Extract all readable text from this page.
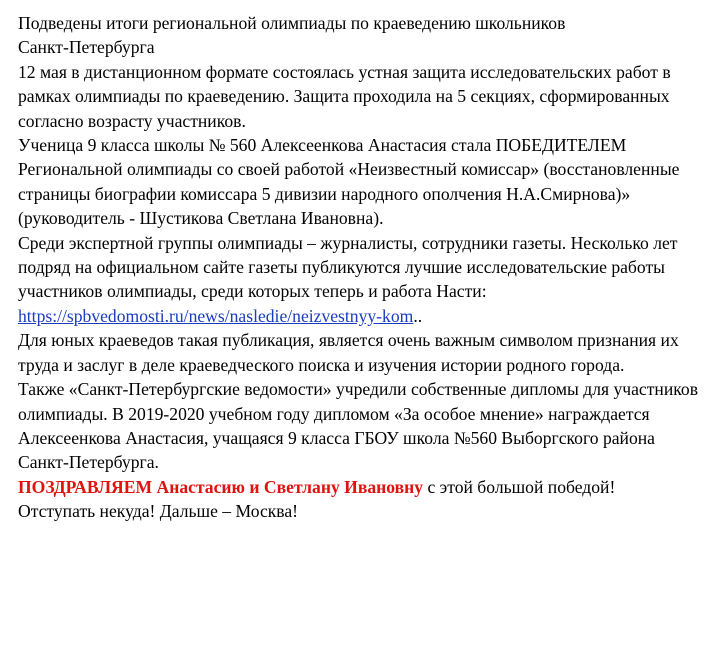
Подведены итоги региональной олимпиады по краеведению школьников
Санкт-Петербурга

12 мая в дистанционном формате состоялась устная защита исследовательских работ в рамках олимпиады по краеведению. Защита проходила на 5 секциях, сформированных согласно возрасту участников.

Ученица 9 класса школы № 560 Алексеенкова Анастасия стала ПОБЕДИТЕЛЕМ Региональной олимпиады со своей работой «Неизвестный комиссар» (восстановленные страницы биографии комиссара 5 дивизии народного ополчения Н.А.Смирнова)» (руководитель - Шустикова Светлана Ивановна).

Среди экспертной группы олимпиады – журналисты, сотрудники газеты. Несколько лет подряд на официальном сайте газеты публикуются лучшие исследовательские работы участников олимпиады, среди которых теперь и работа Насти:

https://spbvedomosti.ru/news/nasledie/neizvestnyy-kom..

Для юных краеведов такая публикация, является очень важным символом признания их труда и заслуг в деле краеведческого поиска и изучения истории родного города.

Также «Санкт-Петербургские ведомости» учредили собственные дипломы для участников олимпиады. В 2019-2020 учебном году дипломом «За особое мнение» награждается Алексеенкова Анастасия, учащаяся 9 класса ГБОУ школа №560 Выборгского района Санкт-Петербурга.

ПОЗДРАВЛЯЕМ Анастасию и Светлану Ивановну с этой большой победой!

Отступать некуда! Дальше – Москва!
